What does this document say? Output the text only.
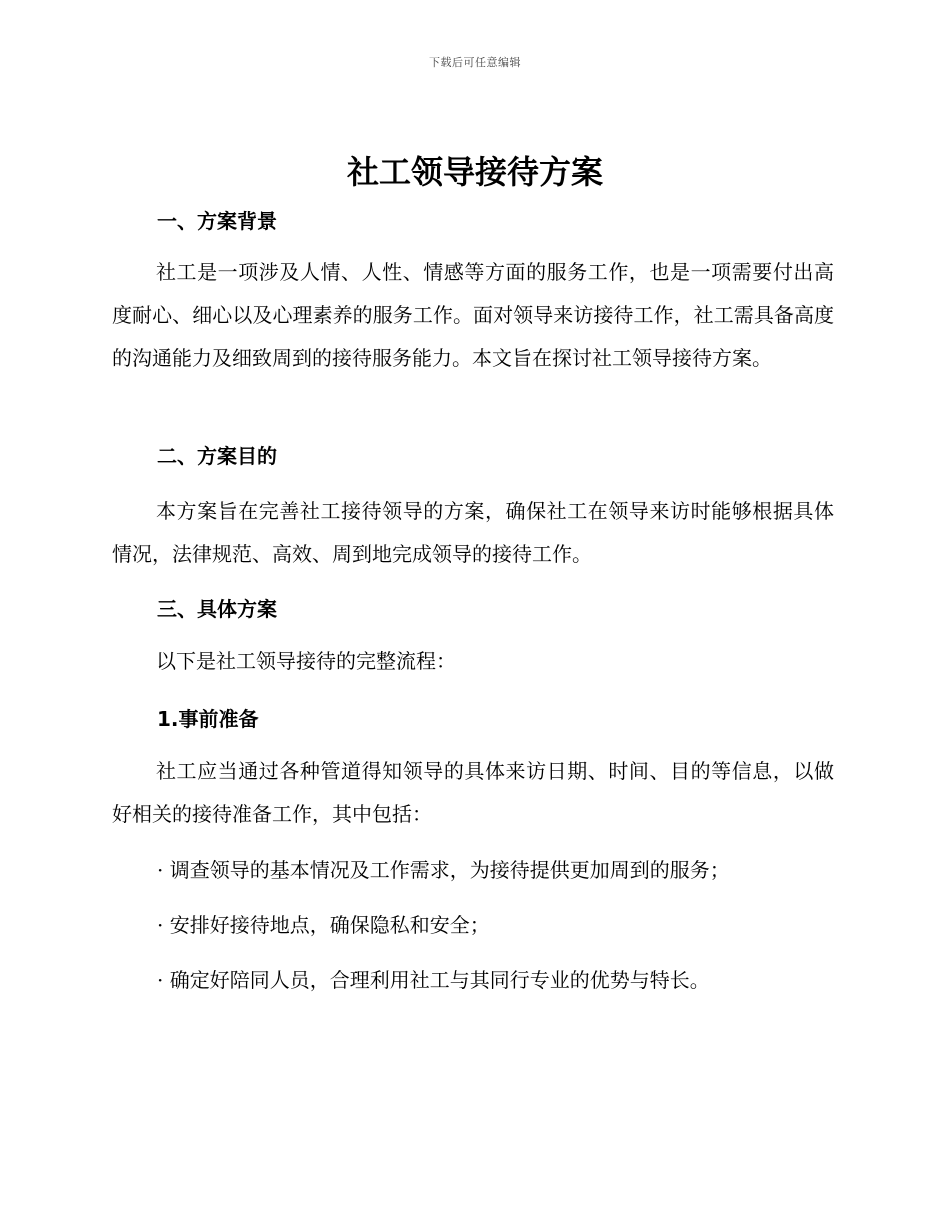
下载后可任意编辑
社工领导接待方案
一、方案背景

社工是一项涉及人情、人性、情感等方面的服务工作，也是一项需要付出高度耐心、细心以及心理素养的服务工作。面对领导来访接待工作，社工需具备高度的沟通能力及细致周到的接待服务能力。本文旨在探讨社工领导接待方案。

二、方案目的

本方案旨在完善社工接待领导的方案，确保社工在领导来访时能够根据具体情况，法律规范、高效、周到地完成领导的接待工作。

三、具体方案

以下是社工领导接待的完整流程：

1.事前准备

社工应当通过各种管道得知领导的具体来访日期、时间、目的等信息，以做好相关的接待准备工作，其中包括：

· 调查领导的基本情况及工作需求，为接待提供更加周到的服务；
· 安排好接待地点，确保隐私和安全；
· 确定好陪同人员，合理利用社工与其同行专业的优势与特长。
